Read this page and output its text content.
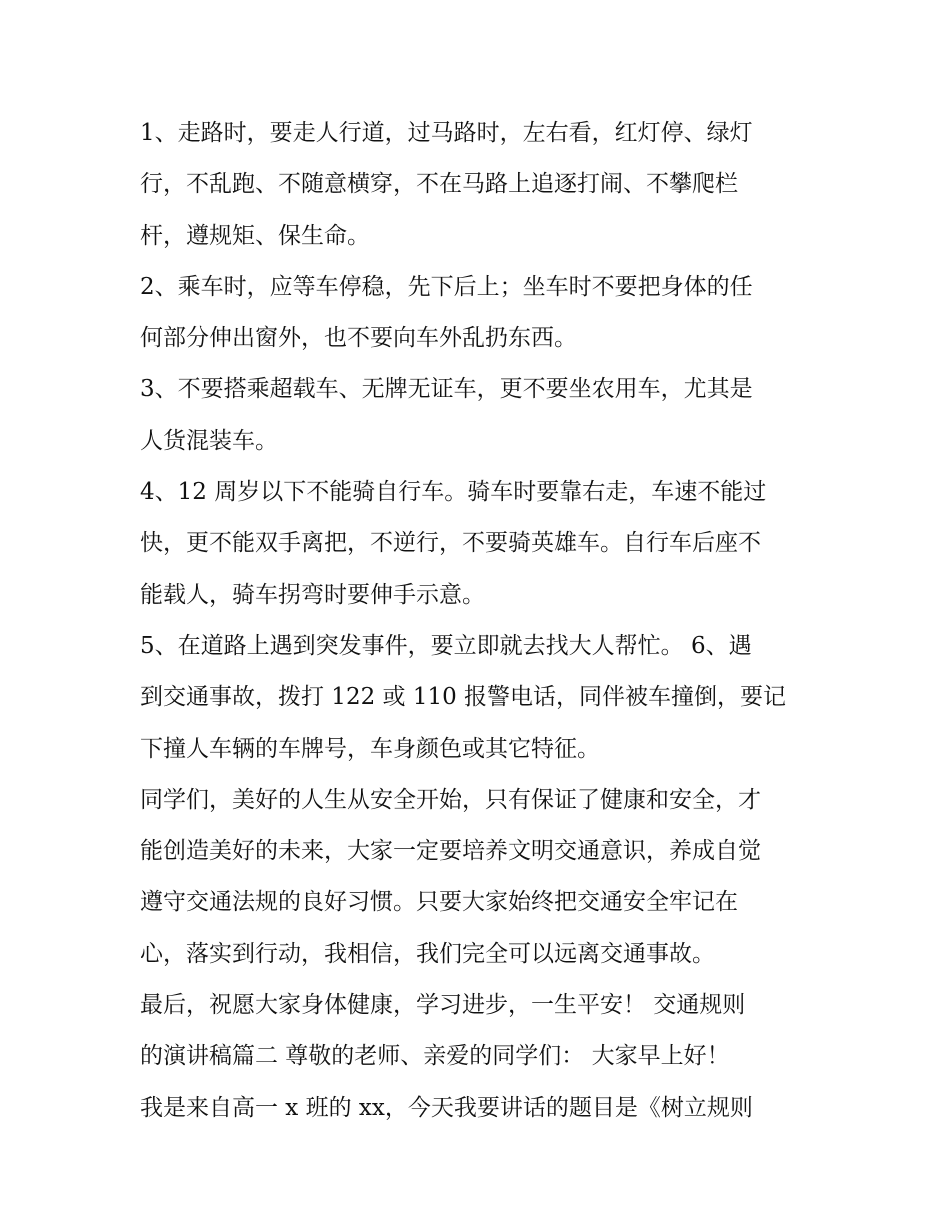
1、走路时，要走人行道，过马路时，左右看，红灯停、绿灯
行，不乱跑、不随意横穿，不在马路上追逐打闹、不攀爬栏
杆，遵规矩、保生命。
2、乘车时，应等车停稳，先下后上；坐车时不要把身体的任
何部分伸出窗外，也不要向车外乱扔东西。
3、不要搭乘超载车、无牌无证车，更不要坐农用车，尤其是
人货混装车。
4、12 周岁以下不能骑自行车。骑车时要靠右走，车速不能过
快，更不能双手离把，不逆行，不要骑英雄车。自行车后座不
能载人，骑车拐弯时要伸手示意。
5、在道路上遇到突发事件，要立即就去找大人帮忙。 6、遇
到交通事故，拨打 122 或 110 报警电话，同伴被车撞倒，要记
下撞人车辆的车牌号，车身颜色或其它特征。
同学们，美好的人生从安全开始，只有保证了健康和安全，才
能创造美好的未来，大家一定要培养文明交通意识，养成自觉
遵守交通法规的良好习惯。只要大家始终把交通安全牢记在
心，落实到行动，我相信，我们完全可以远离交通事故。
最后，祝愿大家身体健康，学习进步，一生平安！ 交通规则
的演讲稿篇二 尊敬的老师、亲爱的同学们： 大家早上好！
我是来自高一 x 班的 xx，今天我要讲话的题目是《树立规则
